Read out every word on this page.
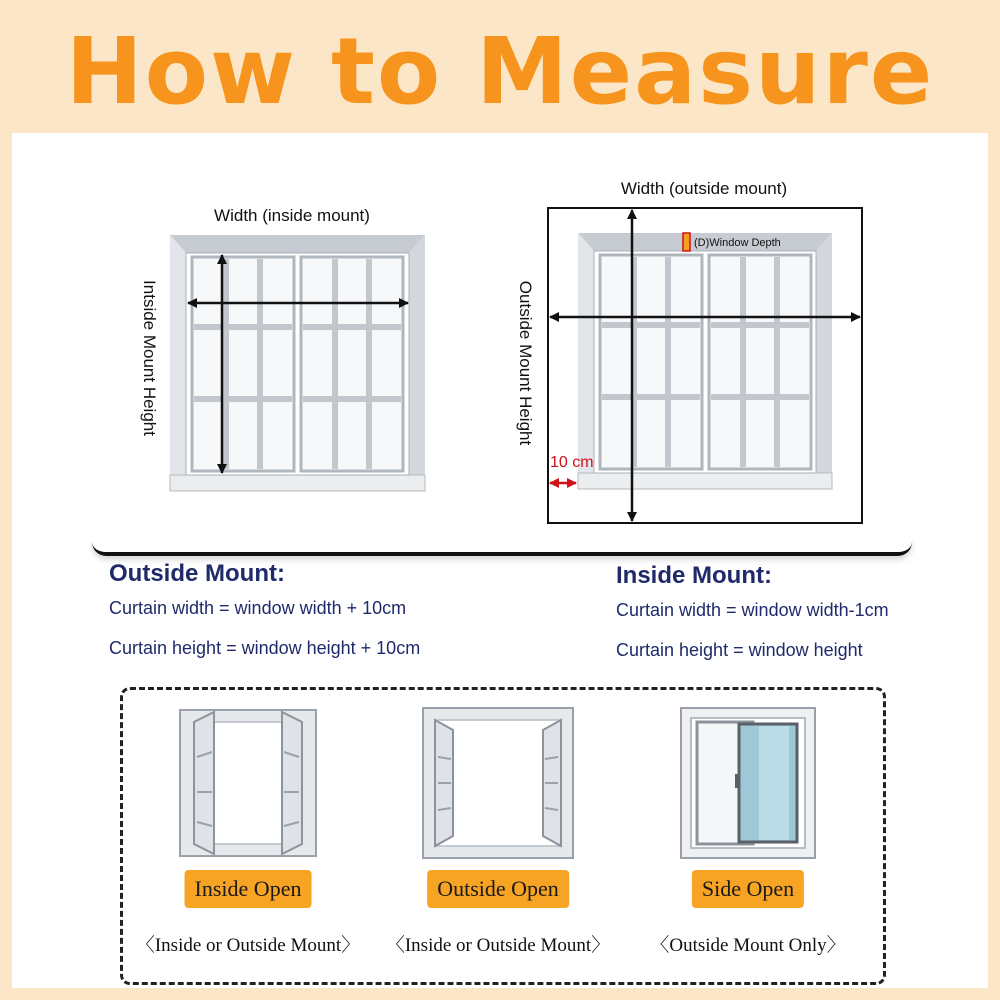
How to Measure
Width (inside mount)
Intside Mount Height
(D)Window Depth
Width (outside mount)
Outside Mount Height
10 cm
Outside Mount:
Curtain width = window width + 10cm
Curtain height = window height + 10cm
Inside Mount:
Curtain width = window width-1cm
Curtain height = window height
Inside Open
〈Inside or Outside Mount〉
Outside Open
〈Inside or Outside Mount〉
Side Open
〈Outside Mount Only〉
